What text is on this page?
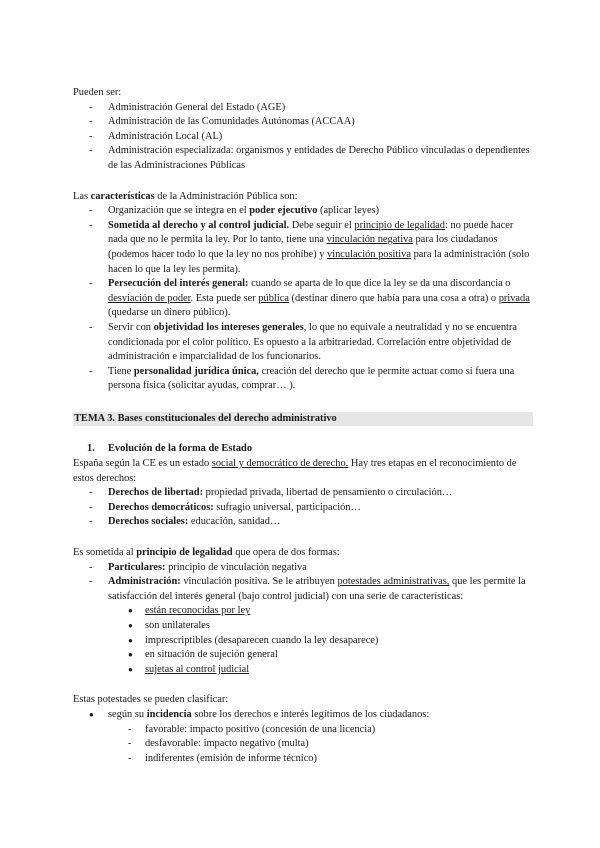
Pueden ser:

- Administración General del Estado (AGE)
- Administración de las Comunidades Autónomas (ACCAA)
- Administración Local (AL)
- Administración especializada: organismos y entidades de Derecho Público vinculadas o dependientes de las Administraciones Públicas

Las características de la Administración Pública son:

- Organización que se integra en el poder ejecutivo (aplicar leyes)
- Sometida al derecho y al control judicial. Debe seguir el principio de legalidad: no puede hacer nada que no le permita la ley. Por lo tanto, tiene una vinculación negativa para los ciudadanos (podemos hacer todo lo que la ley no nos prohíbe) y vinculación positiva para la administración (solo hacen lo que la ley les permita).
- Persecución del interés general: cuando se aparta de lo que dice la ley se da una discordancia o desviación de poder. Esta puede ser pública (destinar dinero que había para una cosa a otra) o privada (quedarse un dinero público).
- Servir con objetividad los intereses generales, lo que no equivale a neutralidad y no se encuentra condicionada por el color político. Es opuesto a la arbitrariedad. Correlación entre objetividad de administración e imparcialidad de los funcionarios.
- Tiene personalidad jurídica única, creación del derecho que le permite actuar como si fuera una persona física (solicitar ayudas, comprar… ).

TEMA 3. Bases constitucionales del derecho administrativo

1. Evolución de la forma de Estado

España según la CE es un estado social y democrático de derecho. Hay tres etapas en el reconocimiento de estos derechos:

- Derechos de libertad: propiedad privada, libertad de pensamiento o circulación…
- Derechos democráticos: sufragio universal, participación…
- Derechos sociales: educación, sanidad…

Es sometida al principio de legalidad que opera de dos formas:

- Particulares: principio de vinculación negativa
- Administración: vinculación positiva. Se le atribuyen potestades administrativas, que les permite la satisfacción del interés general (bajo control judicial) con una serie de características:
● están reconocidas por ley
● son unilaterales
● imprescriptibles (desaparecen cuando la ley desaparece)
● en situación de sujeción general
● sujetas al control judicial

Estas potestades se pueden clasificar:

● según su incidencia sobre los derechos e interés legítimos de los ciudadanos:
- favorable: impacto positivo (concesión de una licencia)
- desfavorable: impacto negativo (multa)
- indiferentes (emisión de informe técnico)
